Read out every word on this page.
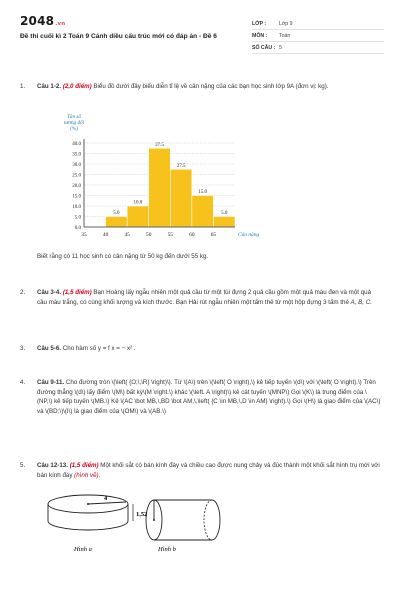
2048.vn
Đề thi cuối kì 2 Toán 9 Cánh diều cấu trúc mới có đáp án - Đề 6
LỚP :	Lớp 9
MÔN :	Toán
SỐ CÂU : 5
1. Câu 1-2. (2,0 điểm) Biểu đồ dưới đây biểu diễn tỉ lệ về cân nặng của các bạn học sinh lớp 9A (đơn vị: kg).
Tần số tương đối (%)
5.0
10.0
37.5
27.5
15.0
5.0
0.0
5.0
10.0
15.0
20.0
25.0
30.0
35.0
40.0
35	40	45	50	55	60	65	Cân nặng
Biết rằng có 11 học sinh có cân nặng từ 50 kg đến dưới 55 kg.
2. Câu 3-4. (1,5 điểm) Bạn Hoàng lấy ngẫu nhiên một quả cầu từ một túi đựng 2 quả cầu gồm một quả màu đen và một quả cầu màu trắng, có cùng khối lượng và kích thước. Bạn Hải rút ngẫu nhiên một tấm thẻ từ một hộp đựng 3 tấm thẻ A, B, C.
3. Câu 5-6. Cho hàm số y = f x = − x² .
4. Câu 9-11. Cho đường tròn \(\left( {O;\,\R} \right)\). Từ \(A\) trên \(\left( O \right),\) kẻ tiếp tuyến \(d\) với \(\left( O \right).\) Trên đường thẳng \(d\) lấy điểm \(M\) bất kỳ\(M \right.\) khác \(\left. A \right)\) kẻ cát tuyến \(MNP\) Gọi \(K\) là trung điểm của \(NP,\) kẻ tiếp tuyến \(MB.\) Kẻ \(AC \bot MB,\,BD \bot AM,\,\left( {C \in MB,\,D \in AM} \right).\) Gọi \(H\) là giao điểm của \(AC\) và \(BD;\)\(I\) là giao điểm của \(OM\) và \(AB.\)
5. Câu 12-13. (1,5 điểm) Một khối sắt có bán kính đáy và chiều cao được nung chảy và đúc thành một khối sắt hình trụ mới với bán kính đáy (hình vẽ).
4
1,5
Hình a
2
Hình b
